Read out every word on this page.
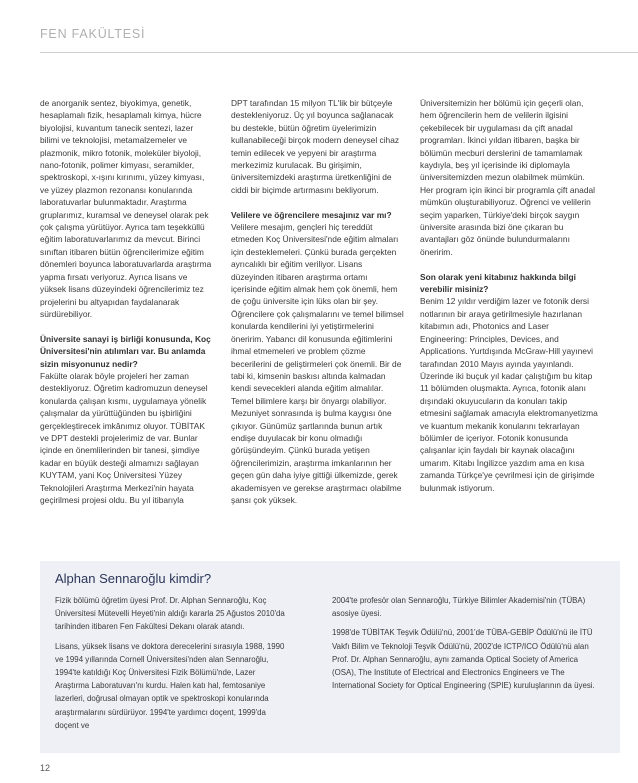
FEN FAKÜLTESİ

de anorganik sentez, biyokimya, genetik, hesaplamalı fizik, hesaplamalı kimya, hücre biyolojisi, kuvantum tanecik sentezi, lazer bilimi ve teknolojisi, metamalzemeler ve plazmonik, mikro fotonik, moleküler biyoloji, nano-fotonik, polimer kimyası, seramikler, spektroskopi, x-ışını kırınımı, yüzey kimyası, ve yüzey plazmon rezonansı konularında laboratuvarlar bulunmaktadır. Araştırma gruplarımız, kuramsal ve deneysel olarak pek çok çalışma yürütüyor. Ayrıca tam teşekküllü eğitim laboratuvarlarımız da mevcut. Birinci sınıftan itibaren bütün öğrencilerimize eğitim dönemleri boyunca laboratuvarlarda araştırma yapma fırsatı veriyoruz. Ayrıca lisans ve yüksek lisans düzeyindeki öğrencilerimiz tez projelerini bu altyapıdan faydalanarak sürdürebiliyor.

Üniversite sanayi iş birliği konusunda, Koç Üniversitesi'nin atılımları var. Bu anlamda sizin misyonunuz nedir?

Fakülte olarak böyle projeleri her zaman destekliyoruz. Öğretim kadromuzun deneysel konularda çalışan kısmı, uygulamaya yönelik çalışmalar da yürüttüğünden bu işbirliğini gerçekleştirecek imkânımız oluyor. TÜBİTAK ve DPT destekli projelerimiz de var. Bunlar içinde en önemlilerinden bir tanesi, şimdiye kadar en büyük desteği almamızı sağlayan KUYTAM, yani Koç Üniversitesi Yüzey Teknolojileri Araştırma Merkezi'nin hayata geçirilmesi projesi oldu. Bu yıl itibarıyla

DPT tarafından 15 milyon TL'lik bir bütçeyle destekleniyoruz. Üç yıl boyunca sağlanacak bu destekle, bütün öğretim üyelerimizin kullanabileceği birçok modern deneysel cihaz temin edilecek ve yepyeni bir araştırma merkezimiz kurulacak. Bu girişimin, üniversitemizdeki araştırma üretkenliğini de ciddi bir biçimde artırmasını bekliyorum.

Velilere ve öğrencilere mesajınız var mı?

Velilere mesajım, gençleri hiç tereddüt etmeden Koç Üniversitesi'nde eğitim almaları için desteklemeleri. Çünkü burada gerçekten ayrıcalıklı bir eğitim veriliyor. Lisans düzeyinden itibaren araştırma ortamı içerisinde eğitim almak hem çok önemli, hem de çoğu üniversite için lüks olan bir şey. Öğrencilere çok çalışmalarını ve temel bilimsel konularda kendilerini iyi yetiştirmelerini öneririm. Yabancı dil konusunda eğitimlerini ihmal etmemeleri ve problem çözme becerilerini de geliştirmeleri çok önemli. Bir de tabi ki, kimsenin baskısı altında kalmadan kendi sevecekleri alanda eğitim almalılar. Temel bilimlere karşı bir önyargı olabiliyor. Mezuniyet sonrasında iş bulma kaygısı öne çıkıyor. Günümüz şartlarında bunun artık endişe duyulacak bir konu olmadığı görüşündeyim. Çünkü burada yetişen öğrencilerimizin, araştırma imkanlarının her geçen gün daha iyiye gittiği ülkemizde, gerek akademisyen ve gerekse araştırmacı olabilme şansı çok yüksek.

Üniversitemizin her bölümü için geçerli olan, hem öğrencilerin hem de velilerin ilgisini çekebilecek bir uygulaması da çift anadal programları. İkinci yıldan itibaren, başka bir bölümün mecburi derslerini de tamamlamak kaydıyla, beş yıl içerisinde iki diplomayla üniversitemizden mezun olabilmek mümkün. Her program için ikinci bir programla çift anadal mümkün oluşturabiliyoruz. Öğrenci ve velilerin seçim yaparken, Türkiye'deki birçok saygın üniversite arasında bizi öne çıkaran bu avantajları göz önünde bulundurmalarını öneririm.

Son olarak yeni kitabınız hakkında bilgi verebilir misiniz?

Benim 12 yıldır verdiğim lazer ve fotonik dersi notlarının bir araya getirilmesiyle hazırlanan kitabımın adı, Photonics and Laser Engineering: Principles, Devices, and Applications. Yurtdışında McGraw-Hill yayınevi tarafından 2010 Mayıs ayında yayınlandı. Üzerinde iki buçuk yıl kadar çalıştığım bu kitap 11 bölümden oluşmakta. Ayrıca, fotonik alanı dışındaki okuyucuların da konuları takip etmesini sağlamak amacıyla elektromanyetizma ve kuantum mekanik konularını tekrarlayan bölümler de içeriyor. Fotonik konusunda çalışanlar için faydalı bir kaynak olacağını umarım. Kitabı İngilizce yazdım ama en kısa zamanda Türkçe'ye çevrilmesi için de girişimde bulunmak istiyorum.

Alphan Sennaroğlu kimdir?

Fizik bölümü öğretim üyesi Prof. Dr. Alphan Sennaroğlu, Koç Üniversitesi Mütevelli Heyeti'nin aldığı kararla 25 Ağustos 2010'da tarihinden itibaren Fen Fakültesi Dekanı olarak atandı.

Lisans, yüksek lisans ve doktora derecelerini sırasıyla 1988, 1990 ve 1994 yıllarında Cornell Üniversitesi'nden alan Sennaroğlu, 1994'te katıldığı Koç Üniversitesi Fizik Bölümü'nde, Lazer Araştırma Laboratuvarı'nı kurdu. Halen katı hal, femtosaniye lazerleri, doğrusal olmayan optik ve spektroskopi konularında araştırmalarını sürdürüyor. 1994'te yardımcı doçent, 1999'da doçent ve

2004'te profesör olan Sennaroğlu, Türkiye Bilimler Akademisi'nin (TÜBA) asosiye üyesi.

1998'de TÜBİTAK Teşvik Ödülü'nü, 2001'de TÜBA-GEBİP Ödülü'nü ile İTÜ Vakfı Bilim ve Teknoloji Teşvik Ödülü'nü, 2002'de ICTP/ICO Ödülü'nü alan Prof. Dr. Alphan Sennaroğlu, aynı zamanda Optical Society of America (OSA), The Institute of Electrical and Electronics Engineers ve The International Society for Optical Engineering (SPIE) kuruluşlarının da üyesi.

12
